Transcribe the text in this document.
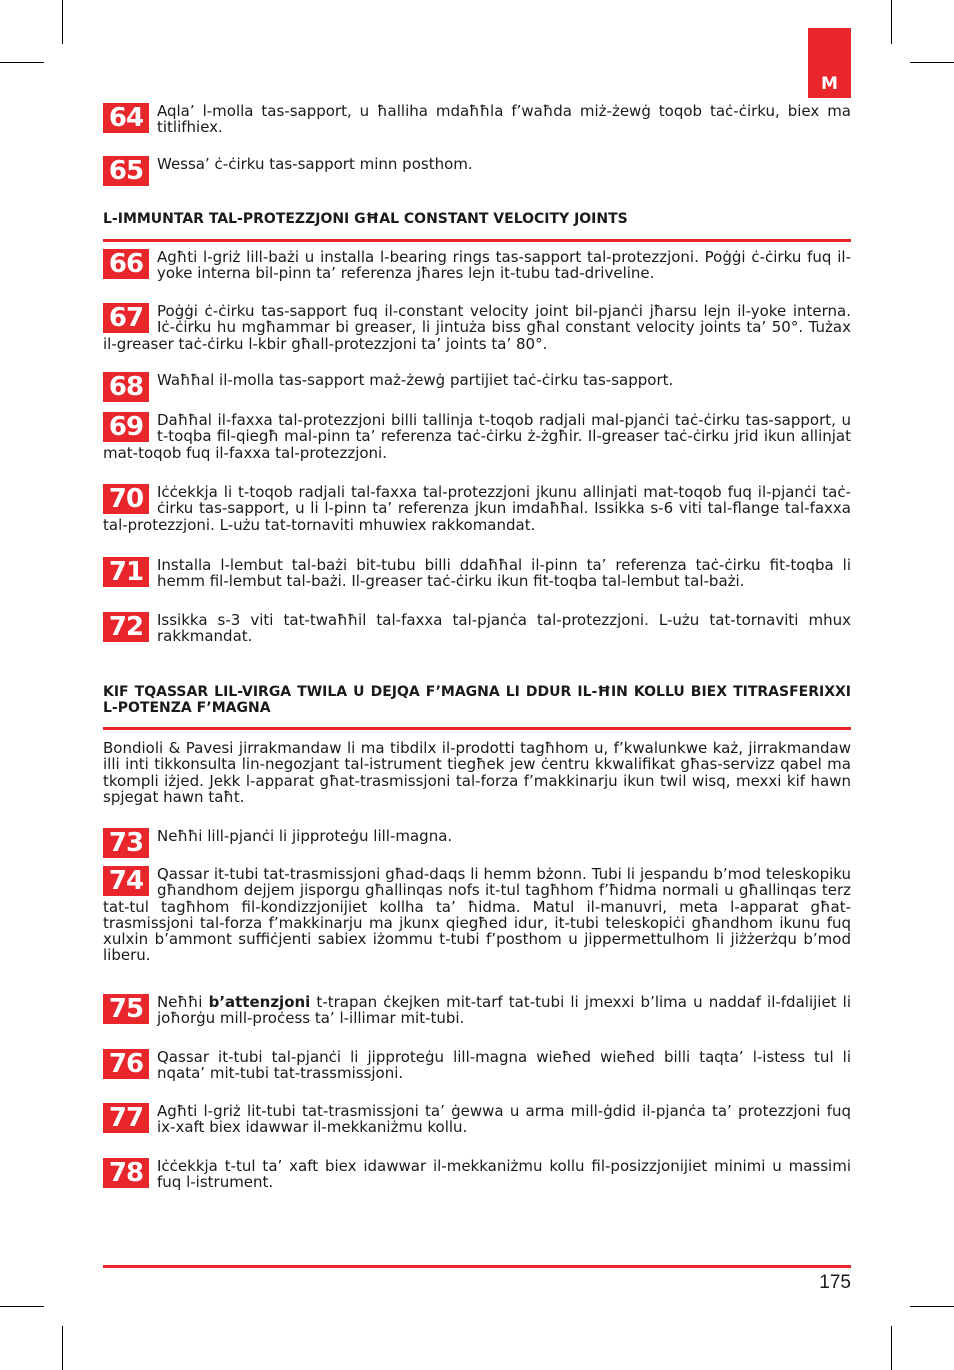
M
64 Aqla’ l-molla tas-sapport, u ħalliha mdaħħla f’waħda miż-żewġ toqob taċ-ċirku, biex ma titlifhiex.
65 Wessa’ ċ-ċirku tas-sapport minn posthom.
L-IMMUNTAR TAL-PROTEZZJONI GĦAL CONSTANT VELOCITY JOINTS
66 Agħti l-griż lill-bażi u installa l-bearing rings tas-sapport tal-protezzjoni. Poġġi ċ-ċirku fuq il-yoke interna bil-pinn ta’ referenza jħares lejn it-tubu tad-driveline.
67 Poġġi ċ-ċirku tas-sapport fuq il-constant velocity joint bil-pjanċi jħarsu lejn il-yoke interna. Iċ-ċirku hu mgħammar bi greaser, li jintuża biss għal constant velocity joints ta’ 50°. Tużax il-greaser taċ-ċirku l-kbir għall-protezzjoni ta’ joints ta’ 80°.
68 Waħħal il-molla tas-sapport maż-żewġ partijiet taċ-ċirku tas-sapport.
69 Daħħal il-faxxa tal-protezzjoni billi tallinja t-toqob radjali mal-pjanċi taċ-ċirku tas-sapport, u t-toqba fil-qiegħ mal-pinn ta’ referenza taċ-ċirku ż-żgħir. Il-greaser taċ-ċirku jrid ikun allinjat mat-toqob fuq il-faxxa tal-protezzjoni.
70 Iċċekkja li t-toqob radjali tal-faxxa tal-protezzjoni jkunu allinjati mat-toqob fuq il-pjanċi taċ-ċirku tas-sapport, u li l-pinn ta’ referenza jkun imdaħħal. Issikka s-6 viti tal-flange tal-faxxa tal-protezzjoni. L-użu tat-tornaviti mhuwiex rakkomandat.
71 Installa l-lembut tal-bażi bit-tubu billi ddaħħal il-pinn ta’ referenza taċ-ċirku fit-toqba li hemm fil-lembut tal-bażi. Il-greaser taċ-ċirku ikun fit-toqba tal-lembut tal-bażi.
72 Issikka s-3 viti tat-twaħħil tal-faxxa tal-pjanċa tal-protezzjoni. L-użu tat-tornaviti mhux rakkmandat.
KIF TQASSAR LIL-VIRGA TWILA U DEJQA F’MAGNA LI DDUR IL-ĦIN KOLLU BIEX TITRASFERIXXI L-POTENZA F’MAGNA
Bondioli & Pavesi jirrakmandaw li ma tibdilx il-prodotti tagħhom u, f’kwalunkwe każ, jirrakmandaw illi inti tikkonsulta lin-negozjant tal-istrument tiegħek jew ċentru kkwalifikat għas-servizz qabel ma tkompli iżjed. Jekk l-apparat għat-trasmissjoni tal-forza f’makkinarju ikun twil wisq, mexxi kif hawn spjegat hawn taħt.
73 Neħħi lill-pjanċi li jipproteġu lill-magna.
74 Qassar it-tubi tat-trasmissjoni għad-daqs li hemm bżonn. Tubi li jespandu b’mod teleskopiku għandhom dejjem jisporgu għallinqas nofs it-tul tagħhom f’ħidma normali u għallinqas terz tat-tul tagħhom fil-kondizzjonijiet kollha ta’ ħidma. Matul il-manuvri, meta l-apparat għat-trasmissjoni tal-forza f’makkinarju ma jkunx qiegħed idur, it-tubi teleskopiċi għandhom ikunu fuq xulxin b’ammont suffiċjenti sabiex iżommu t-tubi f’posthom u jippermettulhom li jiżżerżqu b’mod liberu.
75 Neħħi b’attenzjoni t-trapan ċkejken mit-tarf tat-tubi li jmexxi b’lima u naddaf il-fdalijiet li joħorġu mill-proċess ta’ l-illimar mit-tubi.
76 Qassar it-tubi tal-pjanċi li jipproteġu lill-magna wieħed wieħed billi taqta’ l-istess tul li nqata’ mit-tubi tat-trassmissjoni.
77 Agħti l-griż lit-tubi tat-trasmissjoni ta’ ġewwa u arma mill-ġdid il-pjanċa ta’ protezzjoni fuq ix-xaft biex idawwar il-mekkaniżmu kollu.
78 Iċċekkja t-tul ta’ xaft biex idawwar il-mekkaniżmu kollu fil-posizzjonijiet minimi u massimi fuq l-istrument.
175
